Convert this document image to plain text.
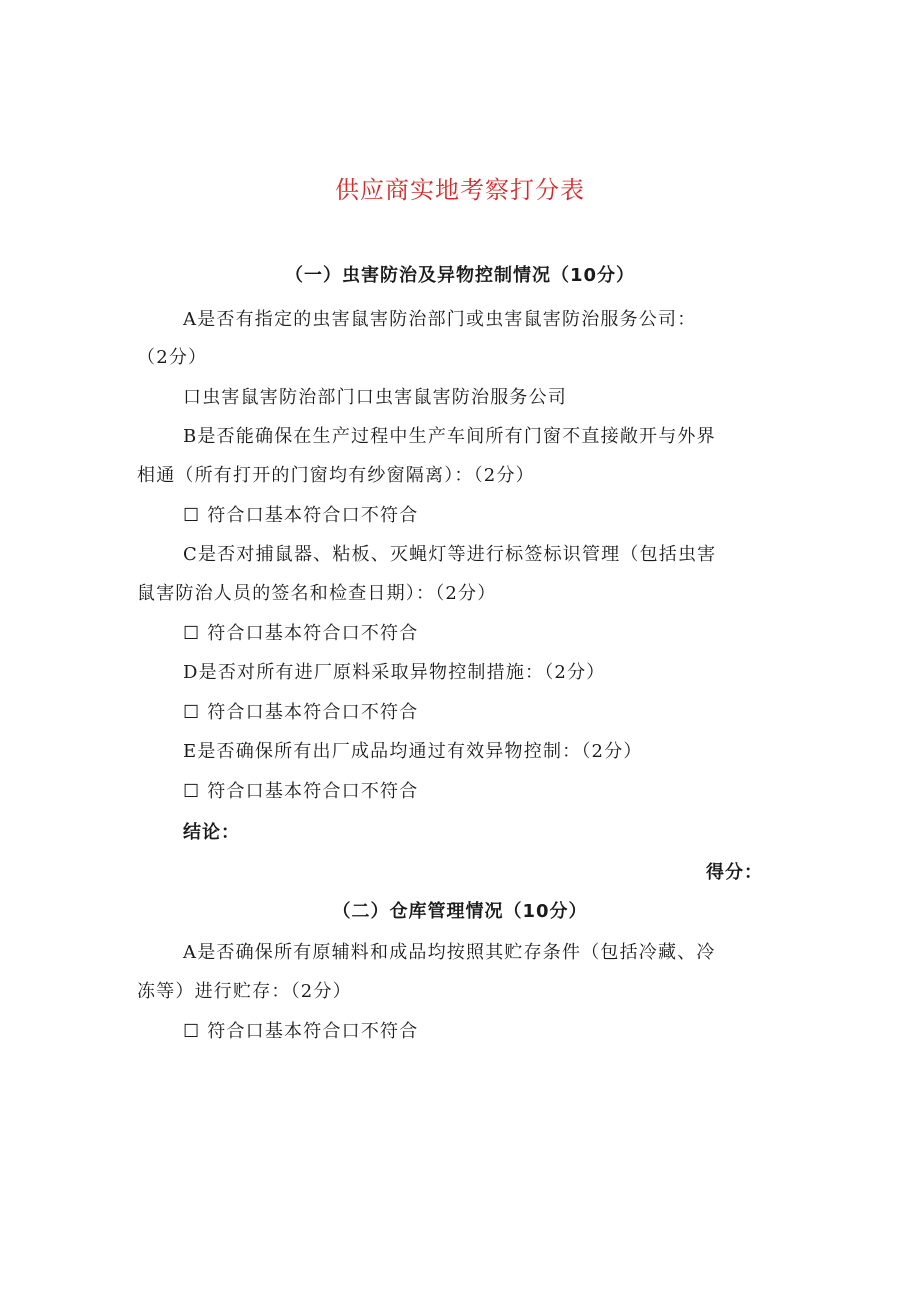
供应商实地考察打分表
（一）虫害防治及异物控制情况（10分）
A是否有指定的虫害鼠害防治部门或虫害鼠害防治服务公司：
（2分）
口虫害鼠害防治部门口虫害鼠害防治服务公司
B是否能确保在生产过程中生产车间所有门窗不直接敞开与外界
相通（所有打开的门窗均有纱窗隔离）：（2分）
☐ 符合口基本符合口不符合
C是否对捕鼠器、粘板、灭蝇灯等进行标签标识管理（包括虫害
鼠害防治人员的签名和检查日期）：（2分）
☐ 符合口基本符合口不符合
D是否对所有进厂原料采取异物控制措施：（2分）
☐ 符合口基本符合口不符合
E是否确保所有出厂成品均通过有效异物控制：（2分）
☐ 符合口基本符合口不符合
结论：
得分：
（二）仓库管理情况（10分）
A是否确保所有原辅料和成品均按照其贮存条件（包括冷藏、冷
冻等）进行贮存：（2分）
☐ 符合口基本符合口不符合
